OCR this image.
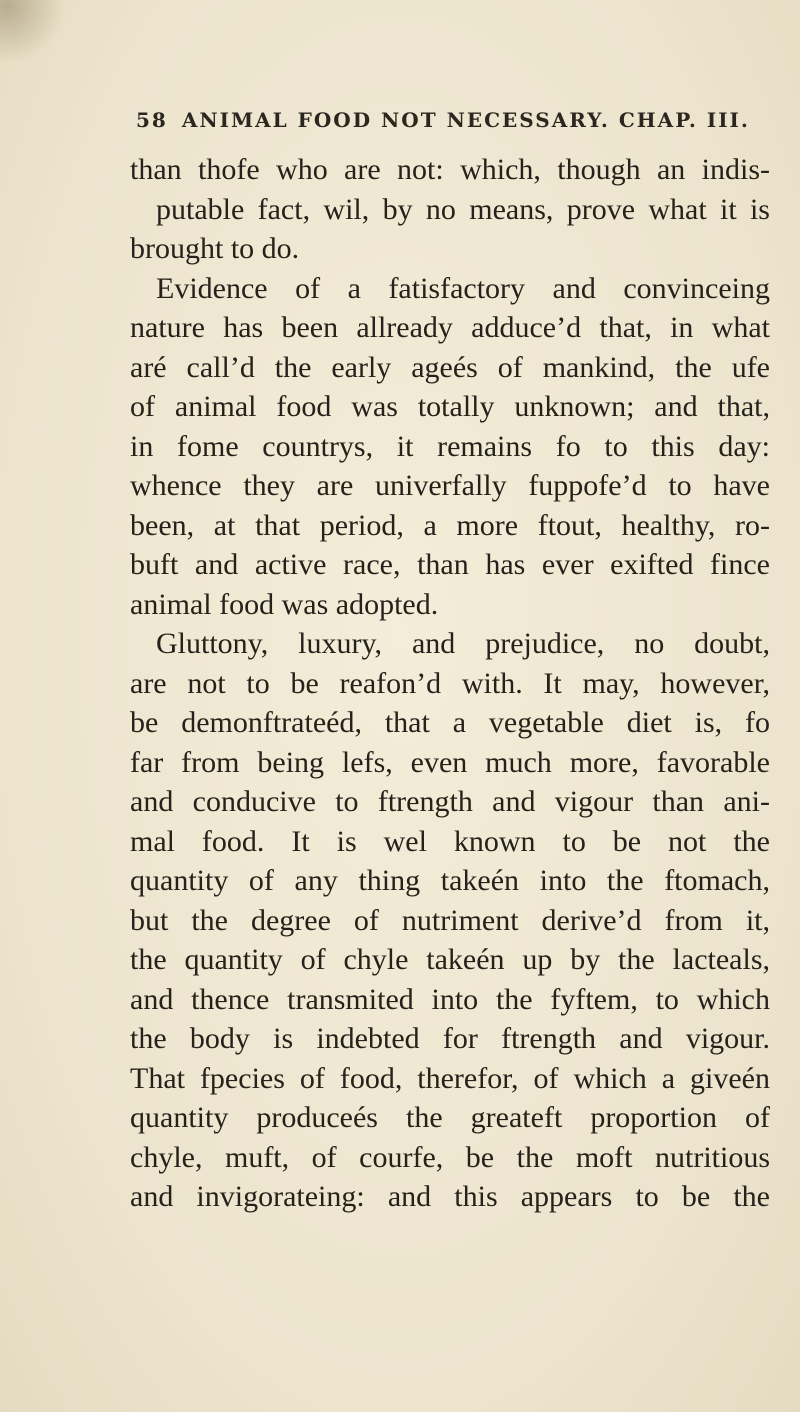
58 ANIMAL FOOD NOT NECESSARY. CHAP. III.
than thofe who are not: which, though an indis-
putable fact, wil, by no means, prove what it is
brought to do.
Evidence of a fatisfactory and convinceing
nature has been allready adduce’d that, in what
aré call’d the early ageés of mankind, the ufe
of animal food was totally unknown; and that,
in fome countrys, it remains fo to this day:
whence they are univerfally fuppofe’d to have
been, at that period, a more ftout, healthy, ro-
buft and active race, than has ever exifted fince
animal food was adopted.
Gluttony, luxury, and prejudice, no doubt,
are not to be reafon’d with. It may, however,
be demonftrateéd, that a vegetable diet is, fo
far from being lefs, even much more, favorable
and conducive to ftrength and vigour than ani-
mal food. It is wel known to be not the
quantity of any thing takeén into the ftomach,
but the degree of nutriment derive’d from it,
the quantity of chyle takeén up by the lacteals,
and thence transmited into the fyftem, to which
the body is indebted for ftrength and vigour.
That fpecies of food, therefor, of which a giveén
quantity produceés the greateft proportion of
chyle, muft, of courfe, be the moft nutritious
and invigorateing: and this appears to be the
